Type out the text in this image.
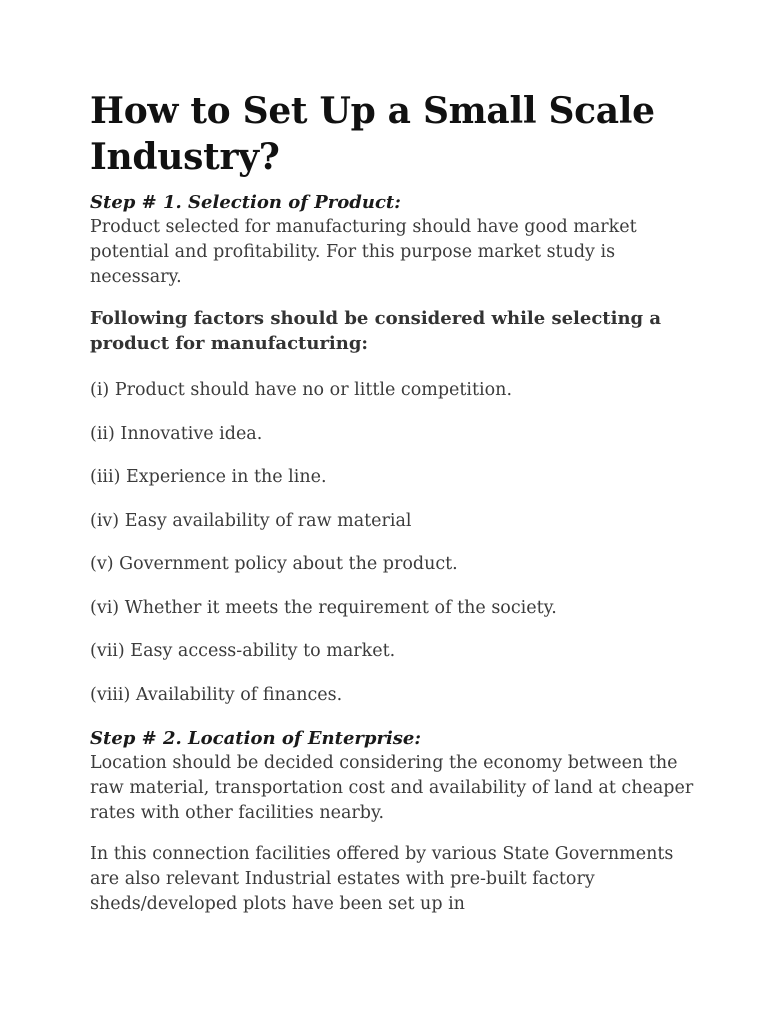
How to Set Up a Small Scale Industry?

Step # 1. Selection of Product:

Product selected for manufacturing should have good market potential and profitability. For this purpose market study is necessary.

Following factors should be considered while selecting a product for manufacturing:

(i) Product should have no or little competition.
(ii) Innovative idea.
(iii) Experience in the line.
(iv) Easy availability of raw material
(v) Government policy about the product.
(vi) Whether it meets the requirement of the society.
(vii) Easy access-ability to market.
(viii) Availability of finances.

Step # 2. Location of Enterprise:

Location should be decided considering the economy between the raw material, transportation cost and availability of land at cheaper rates with other facilities nearby.

In this connection facilities offered by various State Governments are also relevant Industrial estates with pre-built factory sheds/developed plots have been set up in
